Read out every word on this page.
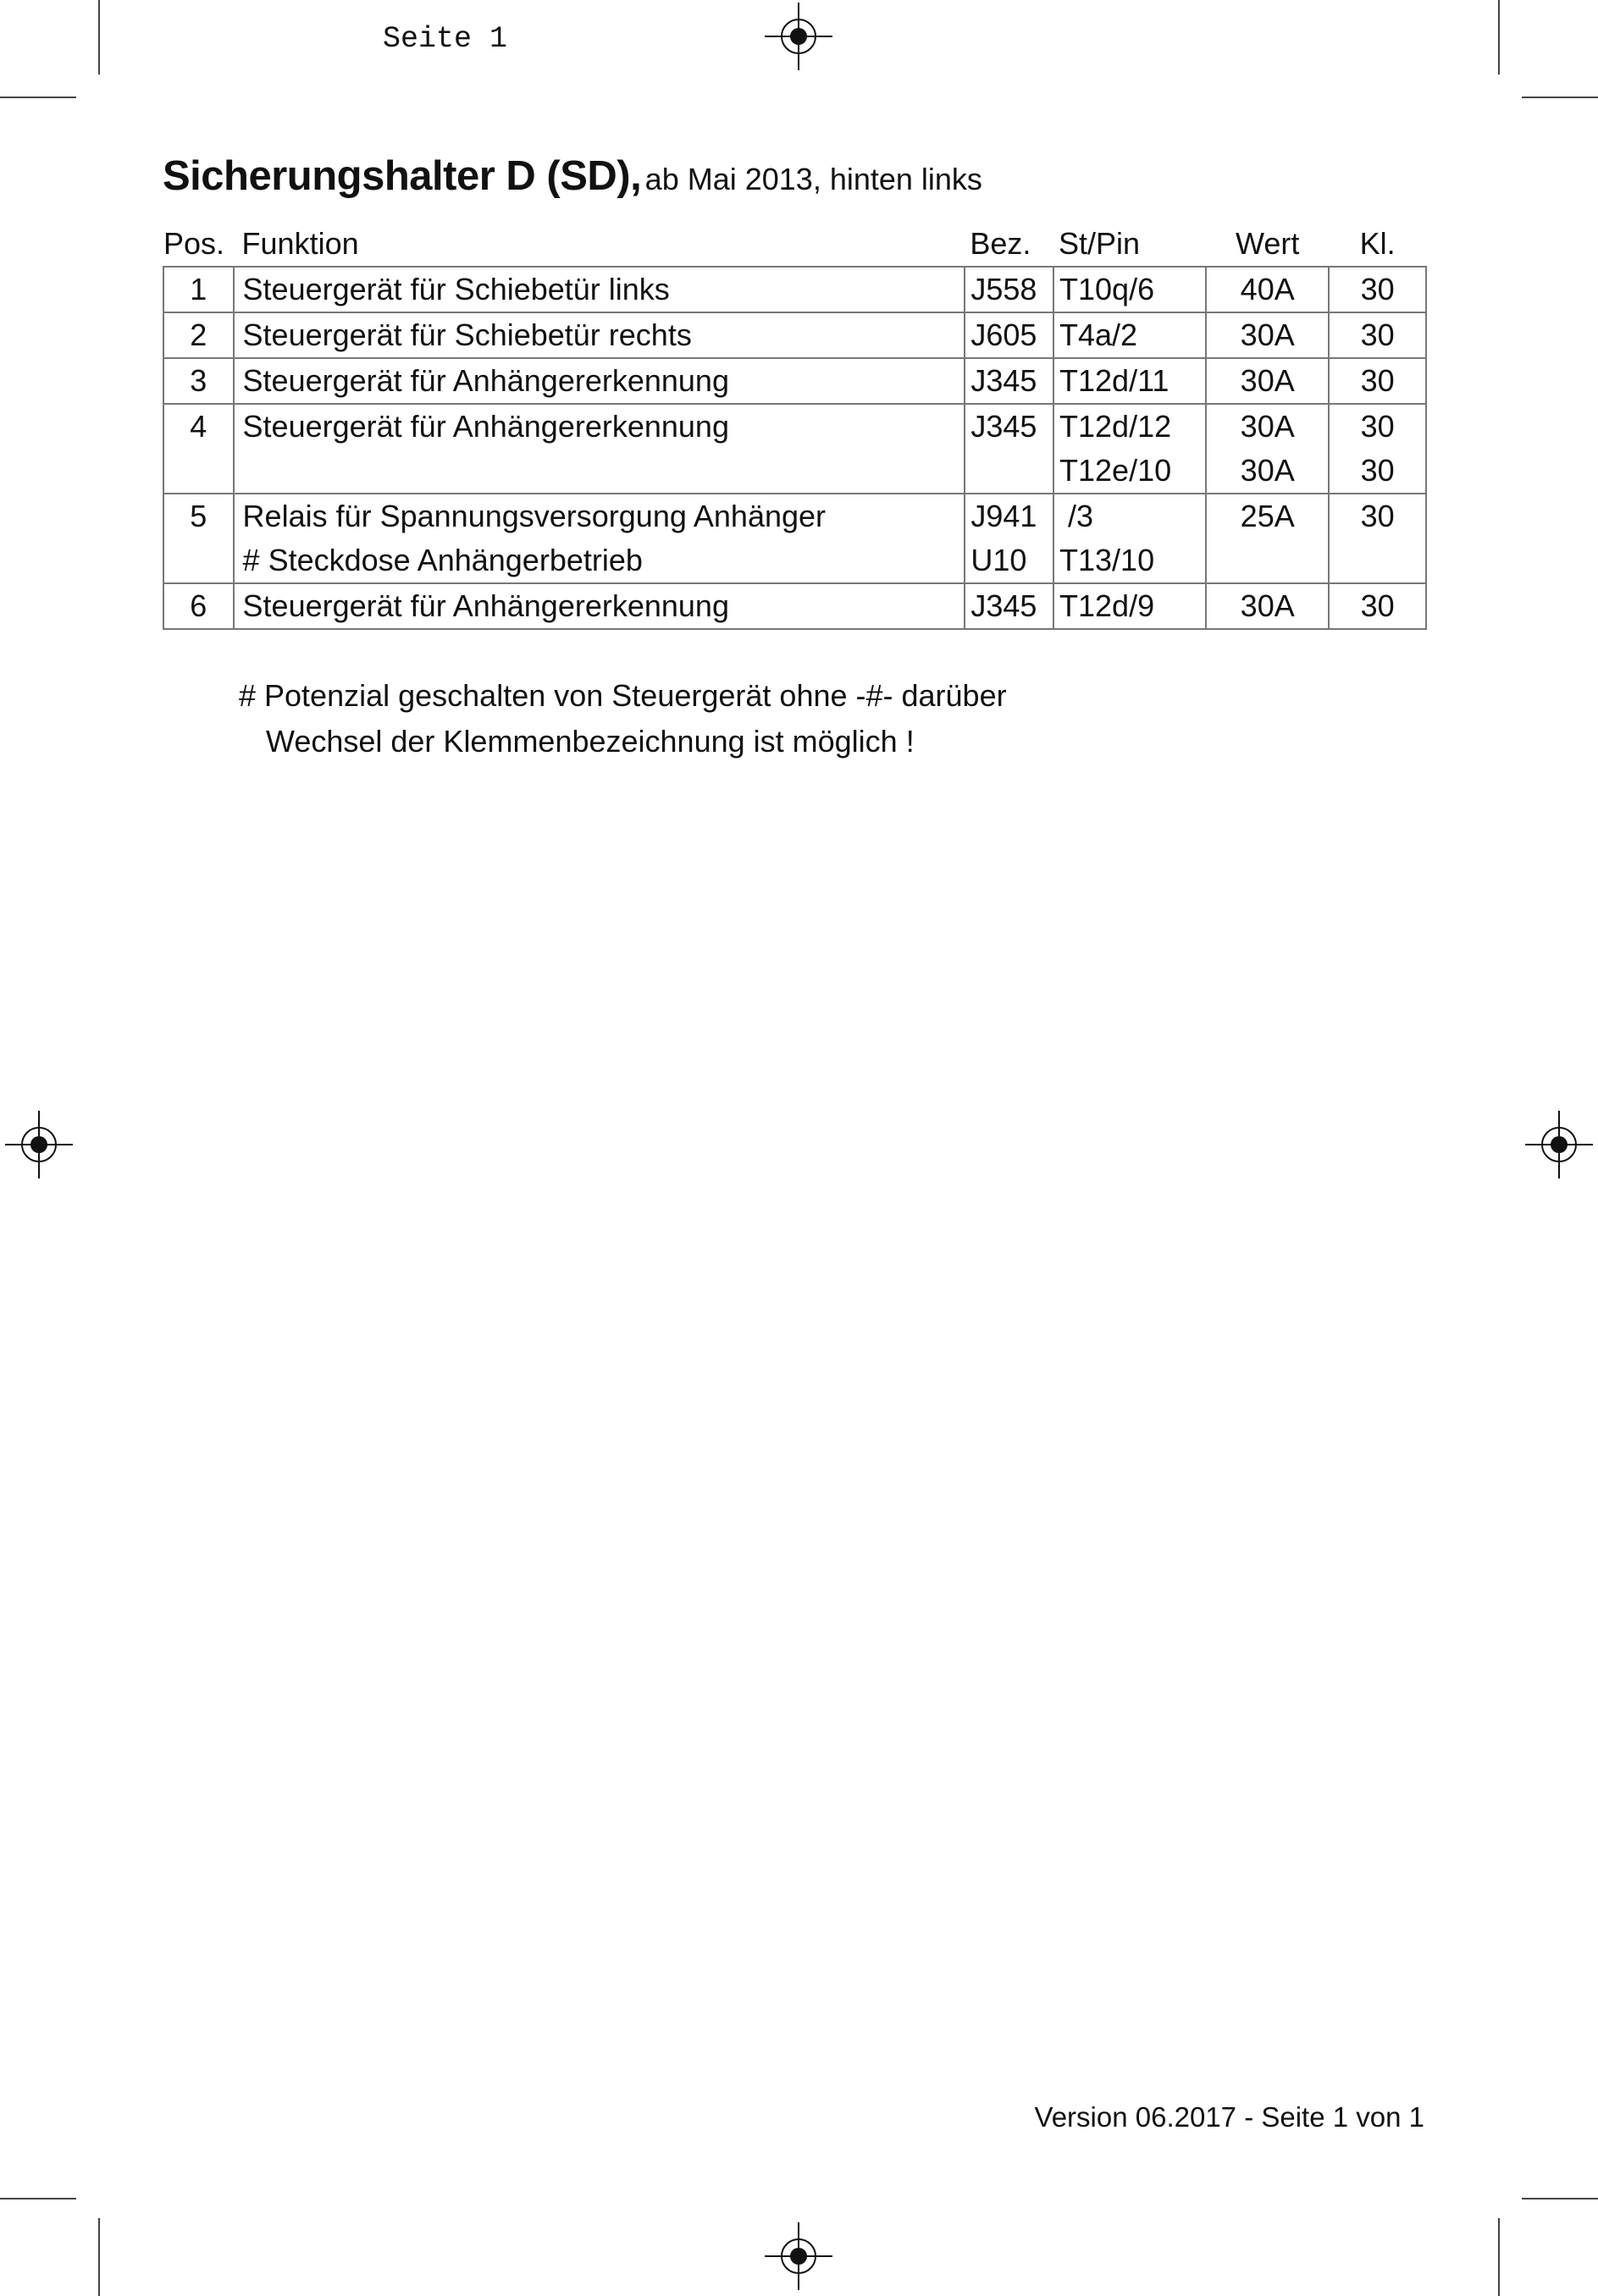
Seite 1
Sicherungshalter D (SD), ab Mai 2013, hinten links
Pos.	Funktion	Bez.	St/Pin	Wert	Kl.
1	Steuergerät für Schiebetür links	J558	T10q/6	40A	30
2	Steuergerät für Schiebetür rechts	J605	T4a/2	30A	30
3	Steuergerät für Anhängererkennung	J345	T12d/11	30A	30
4	Steuergerät für Anhängererkennung	J345	T12d/12	30A	30
			T12e/10	30A	30
5	Relais für Spannungsversorgung Anhänger	J941	/3	25A	30
	# Steckdose Anhängerbetrieb	U10	T13/10		
6	Steuergerät für Anhängererkennung	J345	T12d/9	30A	30
# Potenzial geschalten von Steuergerät ohne -#- darüber
Wechsel der Klemmenbezeichnung ist möglich !
Version 06.2017 - Seite 1 von 1
